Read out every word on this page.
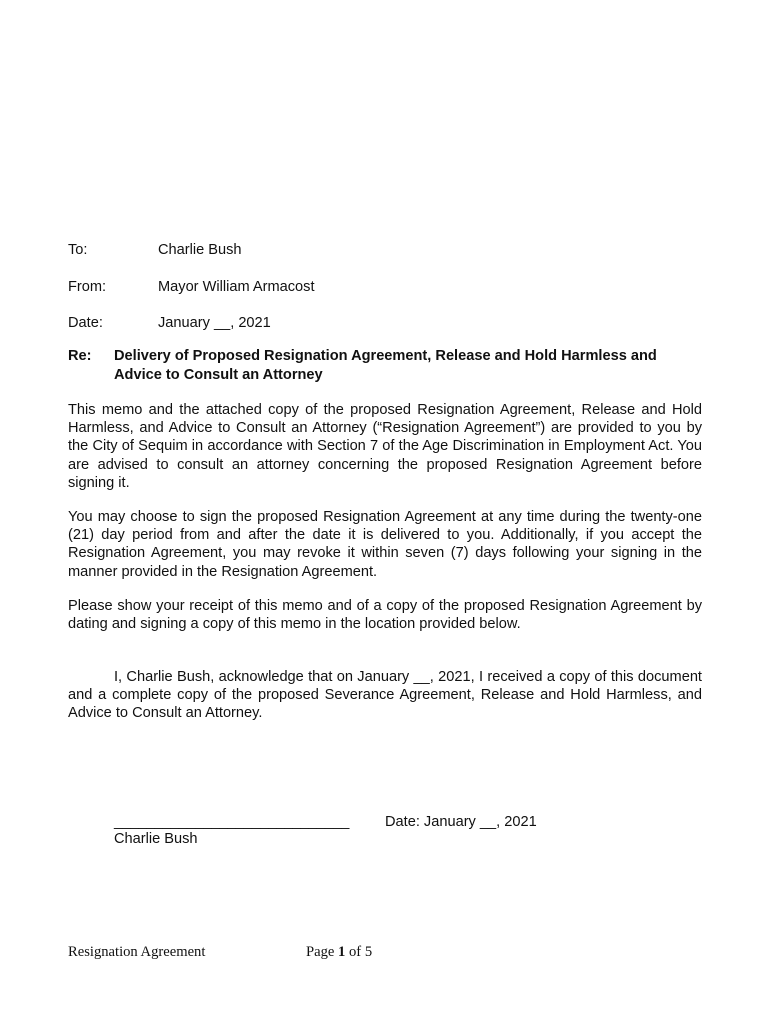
To:	Charlie Bush
From:	Mayor William Armacost
Date:	January __, 2021
Re: Delivery of Proposed Resignation Agreement, Release and Hold Harmless and Advice to Consult an Attorney

This memo and the attached copy of the proposed Resignation Agreement, Release and Hold Harmless, and Advice to Consult an Attorney (“Resignation Agreement”) are provided to you by the City of Sequim in accordance with Section 7 of the Age Discrimination in Employment Act. You are advised to consult an attorney concerning the proposed Resignation Agreement before signing it.

You may choose to sign the proposed Resignation Agreement at any time during the twenty-one (21) day period from and after the date it is delivered to you. Additionally, if you accept the Resignation Agreement, you may revoke it within seven (7) days following your signing in the manner provided in the Resignation Agreement.

Please show your receipt of this memo and of a copy of the proposed Resignation Agreement by dating and signing a copy of this memo in the location provided below.

I, Charlie Bush, acknowledge that on January __, 2021, I received a copy of this document and a complete copy of the proposed Severance Agreement, Release and Hold Harmless, and Advice to Consult an Attorney.

_____________________________
Charlie Bush
Date: January __, 2021
Resignation Agreement	Page 1 of 5
